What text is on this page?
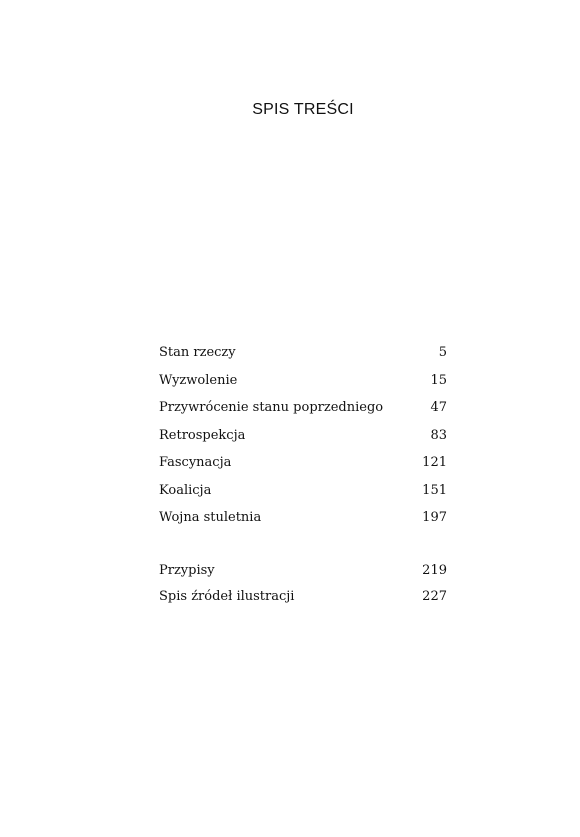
SPIS TREŚCI
Stan rzeczy	5
Wyzwolenie	15
Przywrócenie stanu poprzedniego	47
Retrospekcja	83
Fascynacja	121
Koalicja	151
Wojna stuletnia	197
Przypisy	219
Spis źródeł ilustracji	227
